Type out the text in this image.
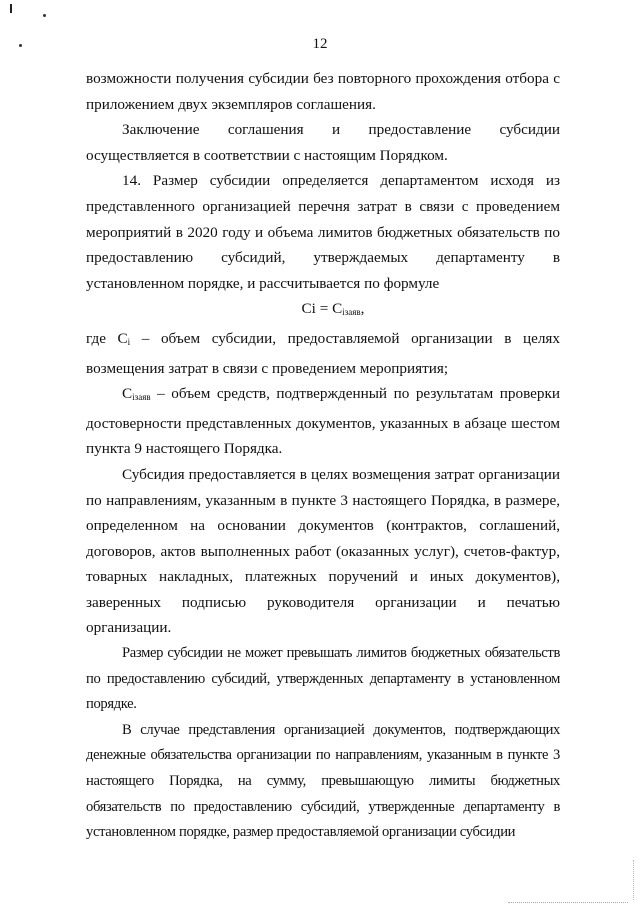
12

возможности получения субсидии без повторного прохождения отбора с приложением двух экземпляров соглашения.

Заключение соглашения и предоставление субсидии осуществляется в соответствии с настоящим Порядком.

14. Размер субсидии определяется департаментом исходя из представленного организацией перечня затрат в связи с проведением мероприятий в 2020 году и объема лимитов бюджетных обязательств по предоставлению субсидий, утверждаемых департаменту в установленном порядке, и рассчитывается по формуле

$Ci = C_{iзаяв}$,

где $C_i$ – объем субсидии, предоставляемой организации в целях возмещения затрат в связи с проведением мероприятия;

$C_{iзаяв}$ – объем средств, подтвержденный по результатам проверки достоверности представленных документов, указанных в абзаце шестом пункта 9 настоящего Порядка.

Субсидия предоставляется в целях возмещения затрат организации по направлениям, указанным в пункте 3 настоящего Порядка, в размере, определенном на основании документов (контрактов, соглашений, договоров, актов выполненных работ (оказанных услуг), счетов-фактур, товарных накладных, платежных поручений и иных документов), заверенных подписью руководителя организации и печатью организации.

Размер субсидии не может превышать лимитов бюджетных обязательств по предоставлению субсидий, утвержденных департаменту в установленном порядке.

В случае представления организацией документов, подтверждающих денежные обязательства организации по направлениям, указанным в пункте 3 настоящего Порядка, на сумму, превышающую лимиты бюджетных обязательств по предоставлению субсидий, утвержденные департаменту в установленном порядке, размер предоставляемой организации субсидии
